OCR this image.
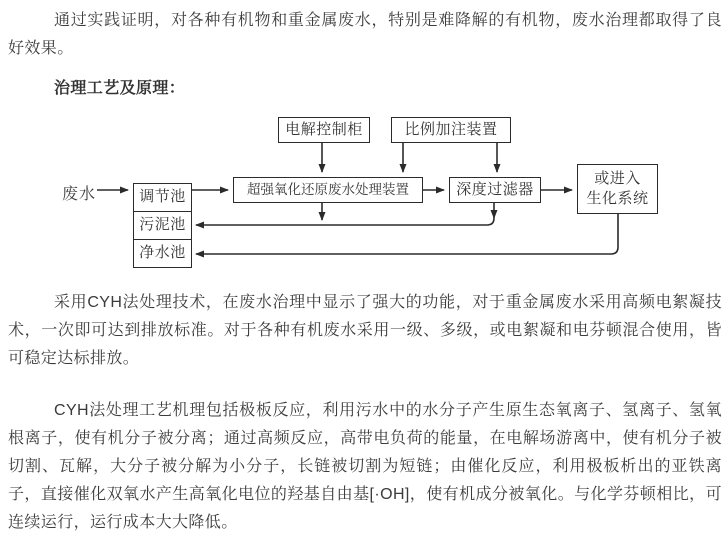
通过实践证明，对各种有机物和重金属废水，特别是难降解的有机物，废水治理都取得了良好效果。

治理工艺及原理：
废水
电解控制柜	比例加注装置
超强氧化还原废水处理装置	深度过滤器
或进入
生化系统
调节池
污泥池
净水池

采用CYH法处理技术，在废水治理中显示了强大的功能，对于重金属废水采用高频电絮凝技术，一次即可达到排放标准。对于各种有机废水采用一级、多级，或电絮凝和电芬顿混合使用，皆可稳定达标排放。

CYH法处理工艺机理包括极板反应，利用污水中的水分子产生原生态氧离子、氢离子、氢氧根离子，使有机分子被分离；通过高频反应，高带电负荷的能量，在电解场游离中，使有机分子被切割、瓦解，大分子被分解为小分子，长链被切割为短链；由催化反应，利用极板析出的亚铁离子，直接催化双氧水产生高氧化电位的羟基自由基[·OH]，使有机成分被氧化。与化学芬顿相比，可连续运行，运行成本大大降低。
